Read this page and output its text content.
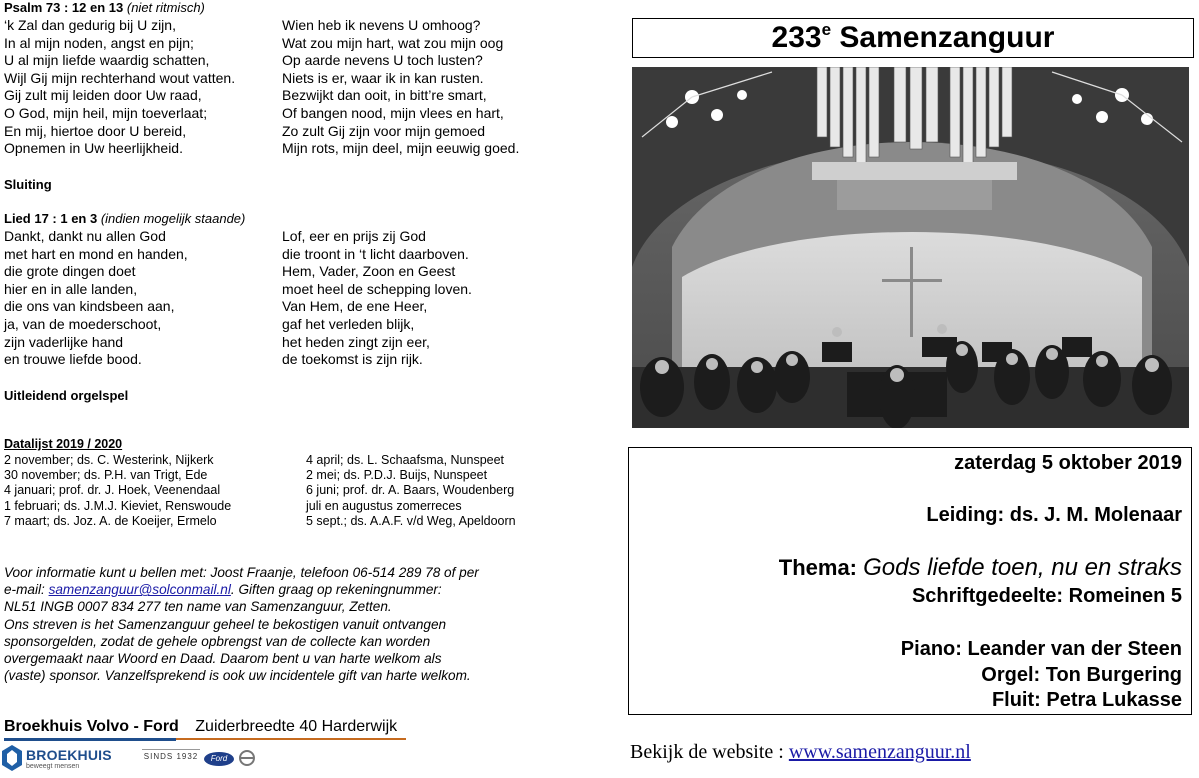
Psalm 73 : 12 en 13 (niet ritmisch)
‘k Zal dan gedurig bij U zijn,
In al mijn noden, angst en pijn;
U al mijn liefde waardig schatten,
Wijl Gij mijn rechterhand wout vatten.
Gij zult mij leiden door Uw raad,
O God, mijn heil, mijn toeverlaat;
En mij, hiertoe door U bereid,
Opnemen in Uw heerlijkheid.
Wien heb ik nevens U omhoog?
Wat zou mijn hart, wat zou mijn oog
Op aarde nevens U toch lusten?
Niets is er, waar ik in kan rusten.
Bezwijkt dan ooit, in bitt’re smart,
Of bangen nood, mijn vlees en hart,
Zo zult Gij zijn voor mijn gemoed
Mijn rots, mijn deel, mijn eeuwig goed.
Sluiting
Lied 17 : 1 en 3 (indien mogelijk staande)
Dankt, dankt nu allen God
met hart en mond en handen,
die grote dingen doet
hier en in alle landen,
die ons van kindsbeen aan,
ja, van de moederschoot,
zijn vaderlijke hand
en trouwe liefde bood.
Lof, eer en prijs zij God
die troont in ‘t licht daarboven.
Hem, Vader, Zoon en Geest
moet heel de schepping loven.
Van Hem, de ene Heer,
gaf het verleden blijk,
het heden zingt zijn eer,
de toekomst is zijn rijk.
Uitleidend orgelspel
Datalijst 2019 / 2020
2 november; ds. C. Westerink, Nijkerk
30 november; ds. P.H. van Trigt, Ede
4 januari; prof. dr. J. Hoek, Veenendaal
1 februari; ds. J.M.J. Kieviet, Renswoude
7 maart; ds. Joz. A. de Koeijer, Ermelo
4 april; ds. L. Schaafsma, Nunspeet
2 mei; ds. P.D.J. Buijs, Nunspeet
6 juni; prof. dr. A. Baars, Woudenberg
juli en augustus zomerreces
5 sept.; ds. A.A.F. v/d Weg, Apeldoorn
Voor informatie kunt u bellen met: Joost Fraanje, telefoon 06-514 289 78 of per
e-mail: samenzanguur@solconmail.nl. Giften graag op rekeningnummer:
NL51 INGB 0007 834 277 ten name van Samenzanguur, Zetten.
Ons streven is het Samenzanguur geheel te bekostigen vanuit ontvangen
sponsorgelden, zodat de gehele opbrengst van de collecte kan worden
overgemaakt naar Woord en Daad. Daarom bent u van harte welkom als
(vaste) sponsor. Vanzelfsprekend is ook uw incidentele gift van harte welkom.
Broekhuis Volvo - Ford Zuiderbreedte 40 Harderwijk
BROEKHUIS
beweegt mensen
SINDS 1932	Ford
233e Samenzanguur
zaterdag 5 oktober 2019
Leiding: ds. J. M. Molenaar
Thema: Gods liefde toen, nu en straks
Schriftgedeelte: Romeinen 5
Piano: Leander van der Steen
Orgel: Ton Burgering
Fluit: Petra Lukasse
Bekijk de website : www.samenzanguur.nl
